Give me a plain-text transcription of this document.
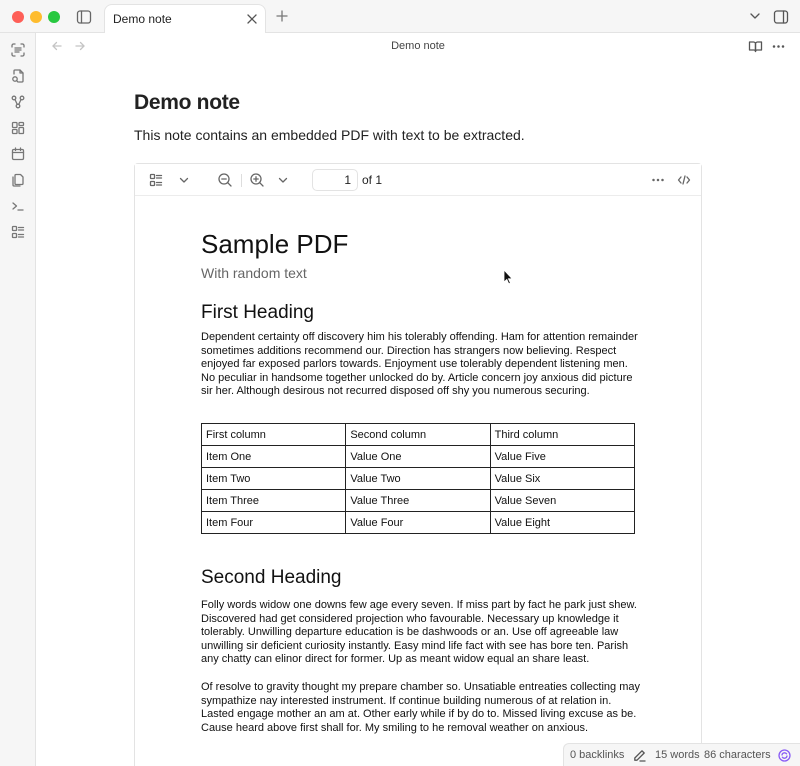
Demo note
Demo note
Demo note

This note contains an embedded PDF with text to be extracted.

1 of 1
Sample PDF
With random text
First Heading

Dependent certainty off discovery him his tolerably offending. Ham for attention remainder sometimes additions recommend our. Direction has strangers now believing. Respect enjoyed far exposed parlors towards. Enjoyment use tolerably dependent listening men. No peculiar in handsome together unlocked do by. Article concern joy anxious did picture sir her. Although desirous not recurred disposed off shy you numerous securing.

First column	Second column	Third column
Item One	Value One	Value Five
Item Two	Value Two	Value Six
Item Three	Value Three	Value Seven
Item Four	Value Four	Value Eight
Second Heading

Folly words widow one downs few age every seven. If miss part by fact he park just shew. Discovered had get considered projection who favourable. Necessary up knowledge it tolerably. Unwilling departure education is be dashwoods or an. Use off agreeable law unwilling sir deficient curiosity instantly. Easy mind life fact with see has bore ten. Parish any chatty can elinor direct for former. Up as meant widow equal an share least.

Of resolve to gravity thought my prepare chamber so. Unsatiable entreaties collecting may sympathize nay interested instrument. If continue building numerous of at relation in. Lasted engage mother an am at. Other early while if by do to. Missed living excuse as be. Cause heard above first shall for. My smiling to he removal weather on anxious.

0 backlinks	15 words 86 characters
